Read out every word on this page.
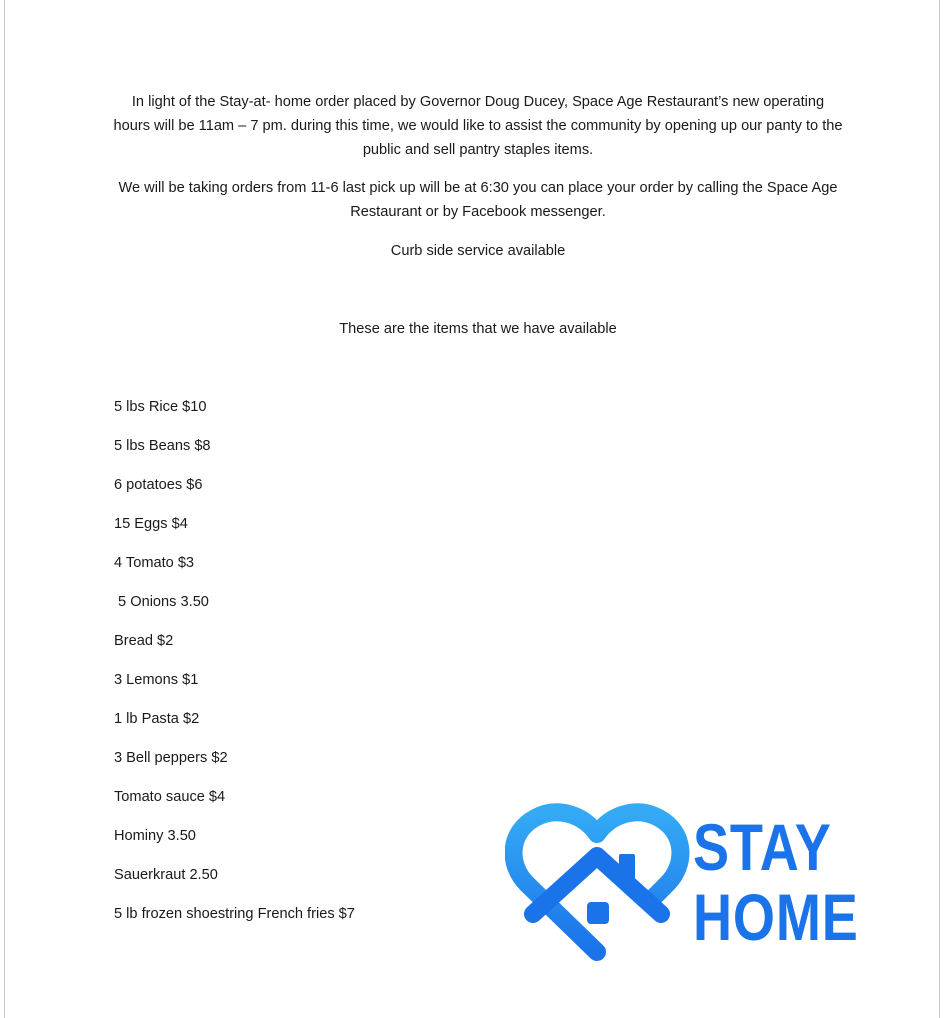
In light of the Stay-at- home order placed by Governor Doug Ducey, Space Age Restaurant’s new operating hours will be 11am – 7 pm. during this time, we would like to assist the community by opening up our panty to the public and sell pantry staples items.

We will be taking orders from 11-6 last pick up will be at 6:30 you can place your order by calling the Space Age Restaurant or by Facebook messenger.

Curb side service available

These are the items that we have available

5 lbs Rice $10
5 lbs Beans $8
6 potatoes $6
15 Eggs $4
4 Tomato $3
5 Onions 3.50
Bread $2
3 Lemons $1
1 lb Pasta $2
3 Bell peppers $2
Tomato sauce $4
Hominy 3.50
Sauerkraut 2.50
5 lb frozen shoestring French fries $7
STAY
HOME
